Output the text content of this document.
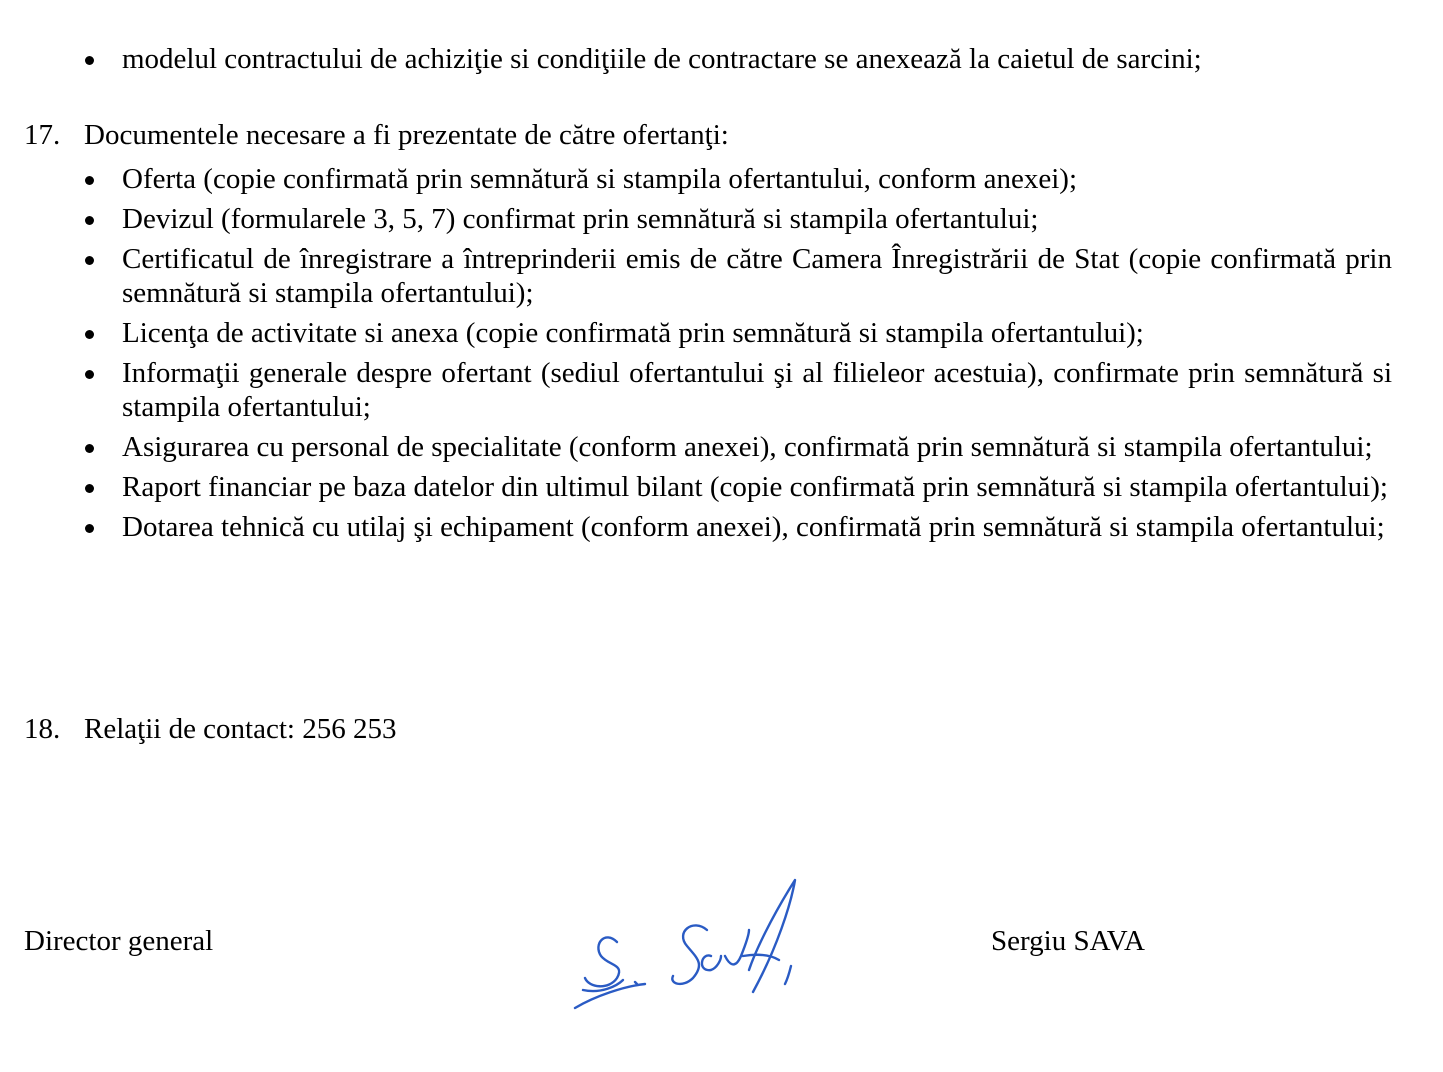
modelul contractului de achiziţie si condiţiile de contractare se anexează la caietul de sarcini;
17. Documentele necesare a fi prezentate de către ofertanţi:
Oferta (copie confirmată prin semnătură si stampila ofertantului, conform anexei);
Devizul (formularele 3, 5, 7) confirmat prin semnătură si stampila ofertantului;
Certificatul de înregistrare a întreprinderii emis de către Camera Înregistrării de Stat (copie confirmată prin semnătură si stampila ofertantului);
Licenţa de activitate si anexa (copie confirmată prin semnătură si stampila ofertantului);
Informaţii generale despre ofertant (sediul ofertantului şi al filieleor acestuia), confirmate prin semnătură si stampila ofertantului;
Asigurarea cu personal de specialitate (conform anexei), confirmată prin semnătură si stampila ofertantului;
Raport financiar pe baza datelor din ultimul bilant (copie confirmată prin semnătură si stampila ofertantului);
Dotarea tehnică cu utilaj şi echipament (conform anexei), confirmată prin semnătură si stampila ofertantului;
18. Relaţii de contact: 256 253
Director general	Sergiu SAVA
